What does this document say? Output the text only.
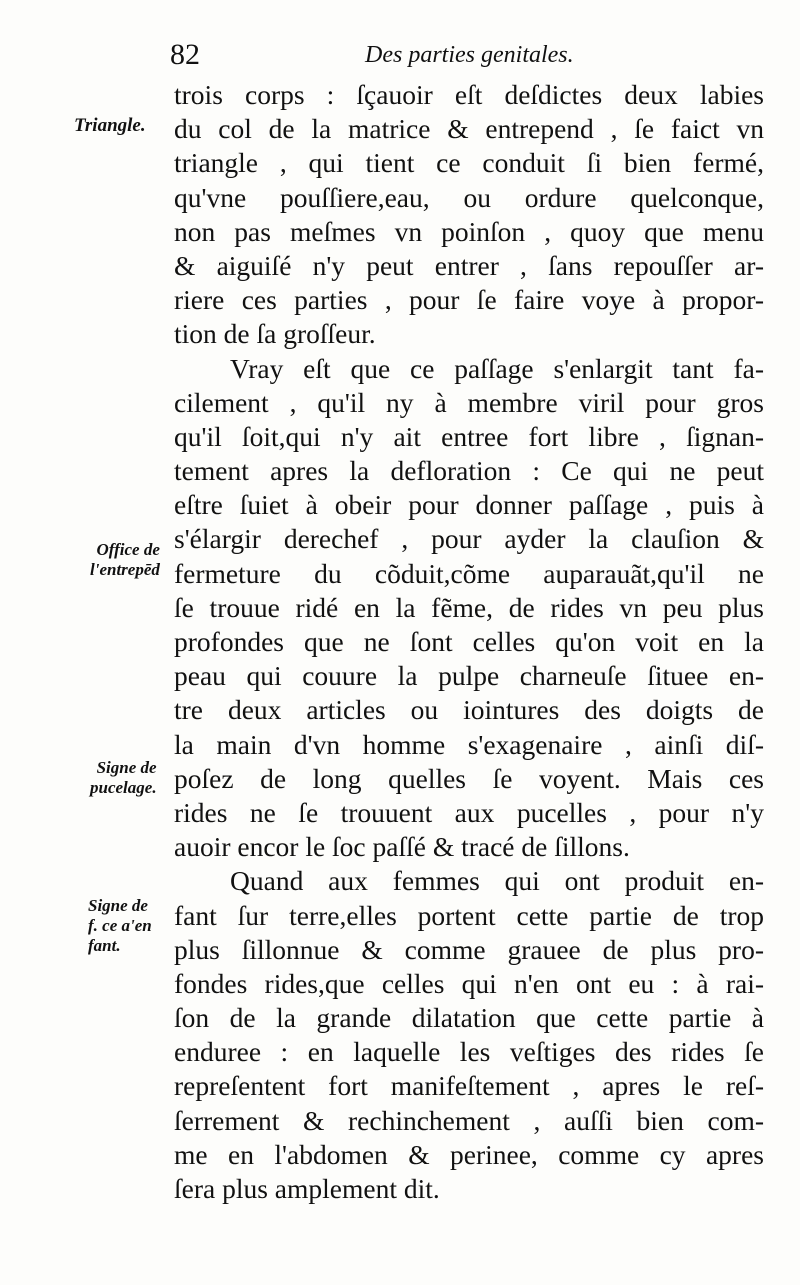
82	Des parties genitales.
Triangle.
Office de
l'entrepēd
Signe de
pucelage.
Signe de
f. ce a'en
fant.
trois corps : ſçauoir eſt deſdictes deux labies
du col de la matrice & entrepend , ſe faict vn
triangle , qui tient ce conduit ſi bien fermé,
qu'vne pouſſiere,eau, ou ordure quelconque,
non pas meſmes vn poinſon , quoy que menu
& aiguiſé n'y peut entrer , ſans repouſſer ar-
riere ces parties , pour ſe faire voye à propor-
tion de ſa groſſeur.
Vray eſt que ce paſſage s'enlargit tant fa-
cilement , qu'il ny à membre viril pour gros
qu'il ſoit,qui n'y ait entree fort libre , ſignan-
tement apres la defloration : Ce qui ne peut
eſtre ſuiet à obeir pour donner paſſage , puis à
s'élargir derechef , pour ayder la clauſion &
fermeture du cõduit,cõme auparauãt,qu'il ne
ſe trouue ridé en la fẽme, de rides vn peu plus
profondes que ne ſont celles qu'on voit en la
peau qui couure la pulpe charneuſe ſituee en-
tre deux articles ou iointures des doigts de
la main d'vn homme s'exagenaire , ainſi diſ-
poſez de long quelles ſe voyent. Mais ces
rides ne ſe trouuent aux pucelles , pour n'y
auoir encor le ſoc paſſé & tracé de ſillons.
Quand aux femmes qui ont produit en-
fant ſur terre,elles portent cette partie de trop
plus ſillonnue & comme grauee de plus pro-
fondes rides,que celles qui n'en ont eu : à rai-
ſon de la grande dilatation que cette partie à
enduree : en laquelle les veſtiges des rides ſe
repreſentent fort manifeſtement , apres le reſ-
ſerrement & rechinchement , auſſi bien com-
me en l'abdomen & perinee, comme cy apres
ſera plus amplement dit.
